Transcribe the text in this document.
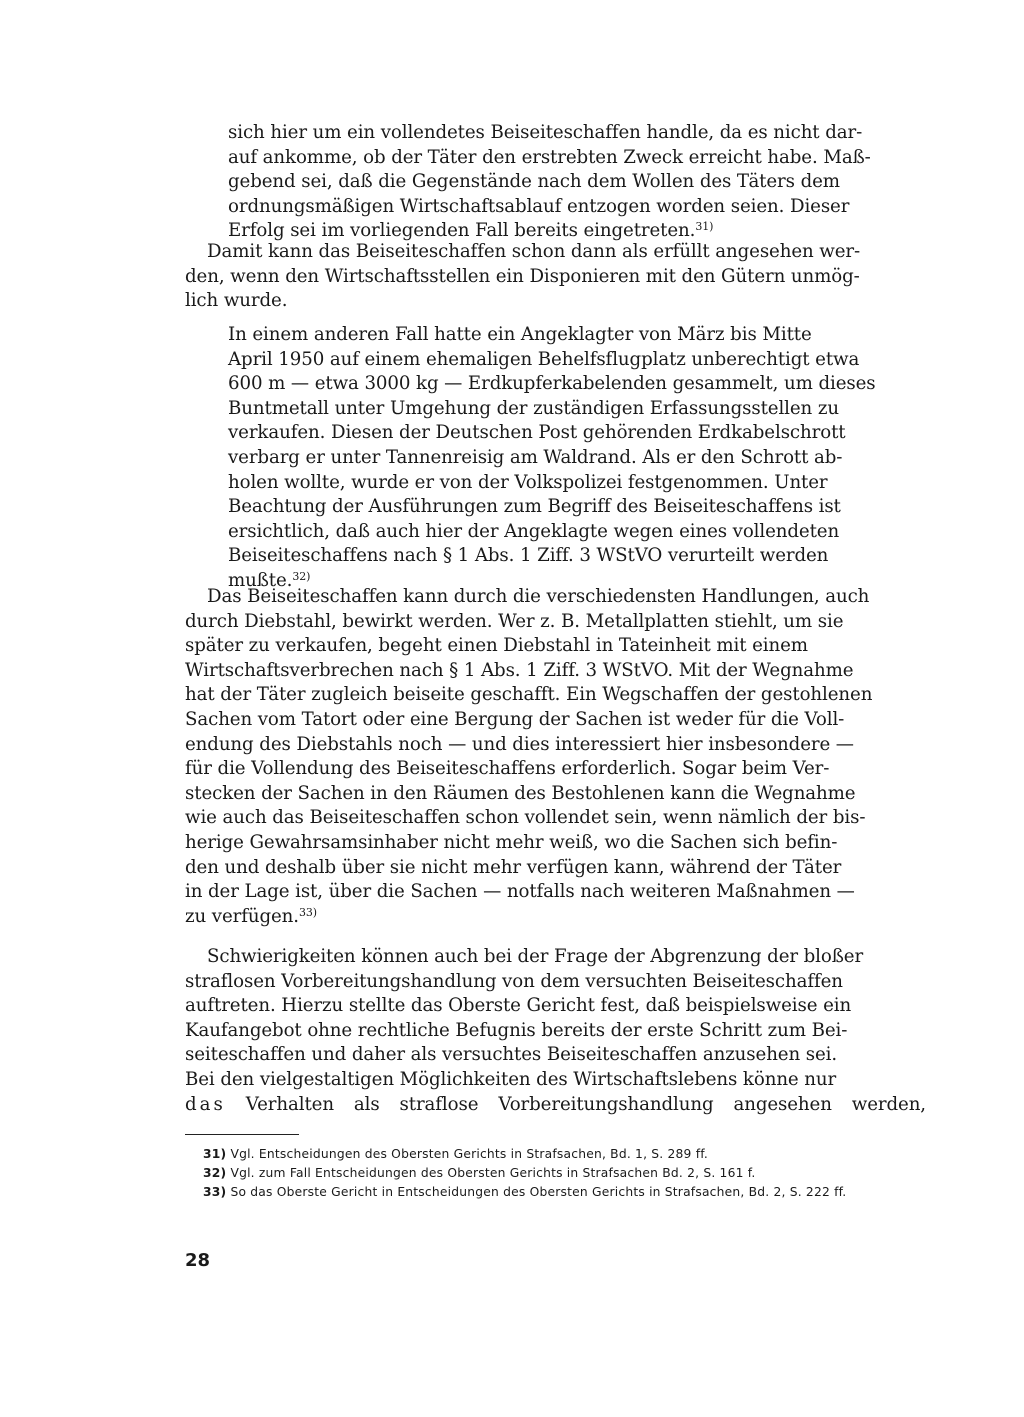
sich hier um ein vollendetes Beiseiteschaffen handle, da es nicht dar-
auf ankomme, ob der Täter den erstrebten Zweck erreicht habe. Maß-
gebend sei, daß die Gegenstände nach dem Wollen des Täters dem
ordnungsmäßigen Wirtschaftsablauf entzogen worden seien. Dieser
Erfolg sei im vorliegenden Fall bereits eingetreten.$^{31)}$

Damit kann das Beiseiteschaffen schon dann als erfüllt angesehen wer-
den, wenn den Wirtschaftsstellen ein Disponieren mit den Gütern unmög-
lich wurde.

In einem anderen Fall hatte ein Angeklagter von März bis Mitte
April 1950 auf einem ehemaligen Behelfsflugplatz unberechtigt etwa
600 m — etwa 3000 kg — Erdkupferkabelenden gesammelt, um dieses
Buntmetall unter Umgehung der zuständigen Erfassungsstellen zu
verkaufen. Diesen der Deutschen Post gehörenden Erdkabelschrott
verbarg er unter Tannenreisig am Waldrand. Als er den Schrott ab-
holen wollte, wurde er von der Volkspolizei festgenommen. Unter
Beachtung der Ausführungen zum Begriff des Beiseiteschaffens ist
ersichtlich, daß auch hier der Angeklagte wegen eines vollendeten
Beiseiteschaffens nach § 1 Abs. 1 Ziff. 3 WStVO verurteilt werden
mußte.$^{32)}$

Das Beiseiteschaffen kann durch die verschiedensten Handlungen, auch
durch Diebstahl, bewirkt werden. Wer z. B. Metallplatten stiehlt, um sie
später zu verkaufen, begeht einen Diebstahl in Tateinheit mit einem
Wirtschaftsverbrechen nach § 1 Abs. 1 Ziff. 3 WStVO. Mit der Wegnahme
hat der Täter zugleich beiseite geschafft. Ein Wegschaffen der gestohlenen
Sachen vom Tatort oder eine Bergung der Sachen ist weder für die Voll-
endung des Diebstahls noch — und dies interessiert hier insbesondere —
für die Vollendung des Beiseiteschaffens erforderlich. Sogar beim Ver-
stecken der Sachen in den Räumen des Bestohlenen kann die Wegnahme
wie auch das Beiseiteschaffen schon vollendet sein, wenn nämlich der bis-
herige Gewahrsamsinhaber nicht mehr weiß, wo die Sachen sich befin-
den und deshalb über sie nicht mehr verfügen kann, während der Täter
in der Lage ist, über die Sachen — notfalls nach weiteren Maßnahmen —
zu verfügen.$^{33)}$

Schwierigkeiten können auch bei der Frage der Abgrenzung der bloßer
straflosen Vorbereitungshandlung von dem versuchten Beiseiteschaffen
auftreten. Hierzu stellte das Oberste Gericht fest, daß beispielsweise ein
Kaufangebot ohne rechtliche Befugnis bereits der erste Schritt zum Bei-
seiteschaffen und daher als versuchtes Beiseiteschaffen anzusehen sei.
Bei den vielgestaltigen Möglichkeiten des Wirtschaftslebens könne nur
das Verhalten als straflose Vorbereitungshandlung angesehen werden,

31) Vgl. Entscheidungen des Obersten Gerichts in Strafsachen, Bd. 1, S. 289 ff.

32) Vgl. zum Fall Entscheidungen des Obersten Gerichts in Strafsachen Bd. 2, S. 161 f.

33) So das Oberste Gericht in Entscheidungen des Obersten Gerichts in Strafsachen, Bd. 2, S. 222 ff.

28
